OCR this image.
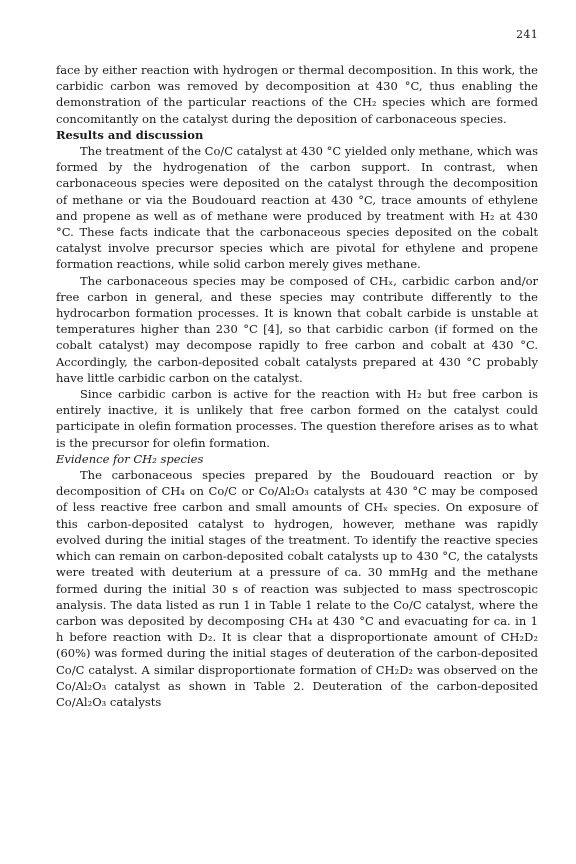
241

face by either reaction with hydrogen or thermal decomposition. In this work, the carbidic carbon was removed by decomposition at 430 °C, thus enabling the demonstration of the particular reactions of the CH₂ species which are formed concomitantly on the catalyst during the deposition of carbonaceous species.

Results and discussion

The treatment of the Co/C catalyst at 430 °C yielded only methane, which was formed by the hydrogenation of the carbon support. In contrast, when carbonaceous species were deposited on the catalyst through the decomposition of methane or via the Boudouard reaction at 430 °C, trace amounts of ethylene and propene as well as of methane were produced by treatment with H₂ at 430 °C. These facts indicate that the carbonaceous species deposited on the cobalt catalyst involve precursor species which are pivotal for ethylene and propene formation reactions, while solid carbon merely gives methane.

The carbonaceous species may be composed of CHₓ, carbidic carbon and/or free carbon in general, and these species may contribute differently to the hydrocarbon formation processes. It is known that cobalt carbide is unstable at temperatures higher than 230 °C [4], so that carbidic carbon (if formed on the cobalt catalyst) may decompose rapidly to free carbon and cobalt at 430 °C. Accordingly, the carbon-deposited cobalt catalysts prepared at 430 °C probably have little carbidic carbon on the catalyst.

Since carbidic carbon is active for the reaction with H₂ but free carbon is entirely inactive, it is unlikely that free carbon formed on the catalyst could participate in olefin formation processes. The question therefore arises as to what is the precursor for olefin formation.

Evidence for CH₂ species

The carbonaceous species prepared by the Boudouard reaction or by decomposition of CH₄ on Co/C or Co/Al₂O₃ catalysts at 430 °C may be composed of less reactive free carbon and small amounts of CHₓ species. On exposure of this carbon-deposited catalyst to hydrogen, however, methane was rapidly evolved during the initial stages of the treatment. To identify the reactive species which can remain on carbon-deposited cobalt catalysts up to 430 °C, the catalysts were treated with deuterium at a pressure of ca. 30 mmHg and the methane formed during the initial 30 s of reaction was subjected to mass spectroscopic analysis. The data listed as run 1 in Table 1 relate to the Co/C catalyst, where the carbon was deposited by decomposing CH₄ at 430 °C and evacuating for ca. in 1 h before reaction with D₂. It is clear that a disproportionate amount of CH₂D₂ (60%) was formed during the initial stages of deuteration of the carbon-deposited Co/C catalyst. A similar disproportionate formation of CH₂D₂ was observed on the Co/Al₂O₃ catalyst as shown in Table 2. Deuteration of the carbon-deposited Co/Al₂O₃ catalysts
